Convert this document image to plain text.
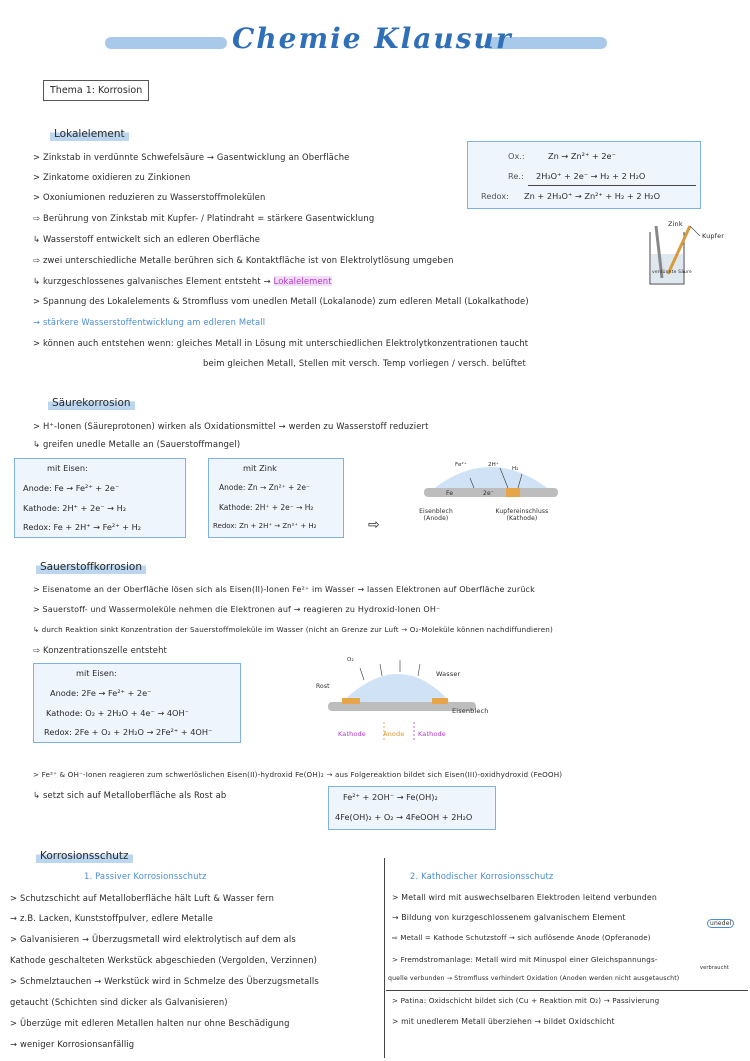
Chemie Klausur
Thema 1: Korrosion
Lokalelement
> Zinkstab in verdünnte Schwefelsäure → Gasentwicklung an Oberfläche
> Zinkatome oxidieren zu Zinkionen
> Oxoniumionen reduzieren zu Wasserstoffmolekülen
⇨ Berührung von Zinkstab mit Kupfer- / Platindraht = stärkere Gasentwicklung
↳ Wasserstoff entwickelt sich an edleren Oberfläche
⇨ zwei unterschiedliche Metalle berühren sich & Kontaktfläche ist von Elektrolytlösung umgeben
↳ kurzgeschlossenes galvanisches Element entsteht → Lokalelement
> Spannung des Lokalelements & Stromfluss vom unedlen Metall (Lokalanode) zum edleren Metall (Lokalkathode)
→ stärkere Wasserstoffentwicklung am edleren Metall
> können auch entstehen wenn: gleiches Metall in Lösung mit unterschiedlichen Elektrolytkonzentrationen taucht
beim gleichen Metall, Stellen mit versch. Temp vorliegen / versch. belüftet
Ox.:	Zn → Zn²⁺ + 2e⁻
Re.: 2H₃O⁺ + 2e⁻ → H₂ + 2 H₂O
Redox: Zn + 2H₃O⁺ → Zn²⁺ + H₂ + 2 H₂O
Zink
Kupfer
verdünnte Säure
Säurekorrosion
> H⁺-Ionen (Säureprotonen) wirken als Oxidationsmittel → werden zu Wasserstoff reduziert
↳ greifen unedle Metalle an (Sauerstoffmangel)
mit Eisen:
Anode: Fe → Fe²⁺ + 2e⁻
Kathode: 2H⁺ + 2e⁻ → H₂
Redox: Fe + 2H⁺ → Fe²⁺ + H₂
mit Zink
Anode: Zn → Zn²⁺ + 2e⁻
Kathode: 2H⁺ + 2e⁻ → H₂
Redox: Zn + 2H⁺ → Zn²⁺ + H₂	⇨
Fe²⁺	2H⁺
H₂
Fe	2e⁻
Eisenblech (Anode)
Kupfereinschluss (Kathode)
Sauerstoffkorrosion
> Eisenatome an der Oberfläche lösen sich als Eisen(II)-Ionen Fe²⁺ im Wasser → lassen Elektronen auf Oberfläche zurück
> Sauerstoff- und Wassermoleküle nehmen die Elektronen auf → reagieren zu Hydroxid-Ionen OH⁻
↳ durch Reaktion sinkt Konzentration der Sauerstoffmoleküle im Wasser (nicht an Grenze zur Luft → O₂-Moleküle können nachdiffundieren)
⇨ Konzentrationszelle entsteht
mit Eisen:
Anode: 2Fe → Fe²⁺ + 2e⁻
Kathode: O₂ + 2H₂O + 4e⁻ → 4OH⁻
Redox: 2Fe + O₂ + 2H₂O → 2Fe²⁺ + 4OH⁻
O₂
Rost
Wasser
Eisenblech
Kathode	Anode Kathode
> Fe²⁺ & OH⁻-Ionen reagieren zum schwerlöslichen Eisen(II)-hydroxid Fe(OH)₂ → aus Folgereaktion bildet sich Eisen(III)-oxidhydroxid (FeOOH)
↳ setzt sich auf Metalloberfläche als Rost ab	Fe²⁺ + 2OH⁻ → Fe(OH)₂
4Fe(OH)₂ + O₂ → 4FeOOH + 2H₂O
Korrosionsschutz
1. Passiver Korrosionsschutz
> Schutzschicht auf Metalloberfläche hält Luft & Wasser fern
→ z.B. Lacken, Kunststoffpulver, edlere Metalle
> Galvanisieren → Überzugsmetall wird elektrolytisch auf dem als
Kathode geschalteten Werkstück abgeschieden (Vergolden, Verzinnen)
> Schmelztauchen → Werkstück wird in Schmelze des Überzugsmetalls
getaucht (Schichten sind dicker als Galvanisieren)
> Überzüge mit edleren Metallen halten nur ohne Beschädigung
→ weniger Korrosionsanfällig
2. Kathodischer Korrosionsschutz
> Metall wird mit auswechselbaren Elektroden leitend verbunden
→ Bildung von kurzgeschlossenem galvanischem Element
unedel
⇨ Metall = Kathode Schutzstoff → sich auflösende Anode (Opferanode)
> Fremdstromanlage: Metall wird mit Minuspol einer Gleichspannungs-
verbraucht
quelle verbunden → Stromfluss verhindert Oxidation (Anoden werden nicht ausgetauscht)
> Patina: Oxidschicht bildet sich (Cu + Reaktion mit O₂) → Passivierung
> mit unedlerem Metall überziehen → bildet Oxidschicht
